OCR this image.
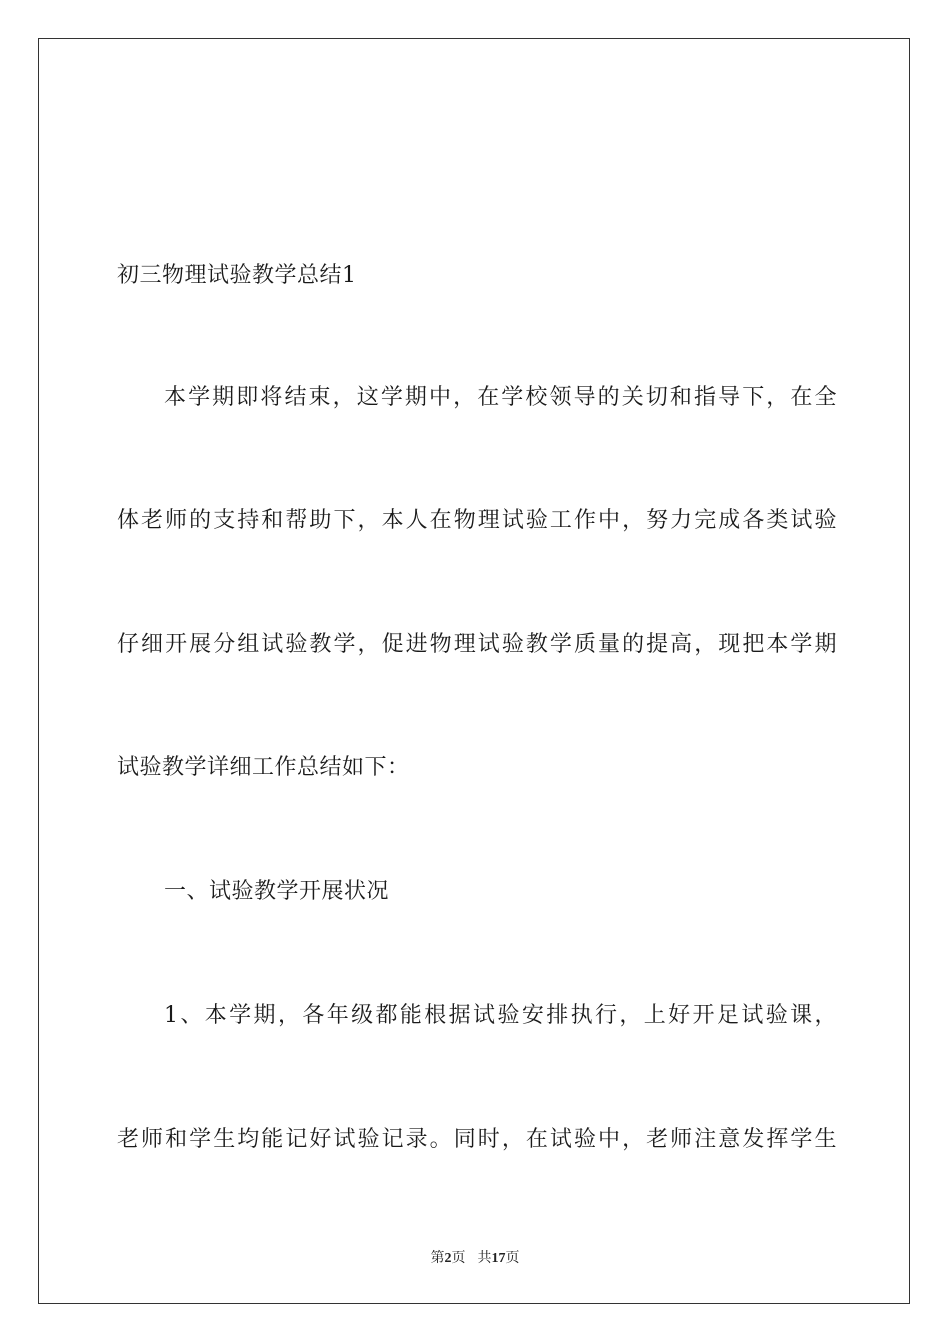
初三物理试验教学总结1
本学期即将结束，这学期中，在学校领导的关切和指导下，在全
体老师的支持和帮助下，本人在物理试验工作中，努力完成各类试验
仔细开展分组试验教学，促进物理试验教学质量的提高，现把本学期
试验教学详细工作总结如下：
一、试验教学开展状况
1、本学期，各年级都能根据试验安排执行，上好开足试验课，
老师和学生均能记好试验记录。同时，在试验中，老师注意发挥学生
第2页 共17页
